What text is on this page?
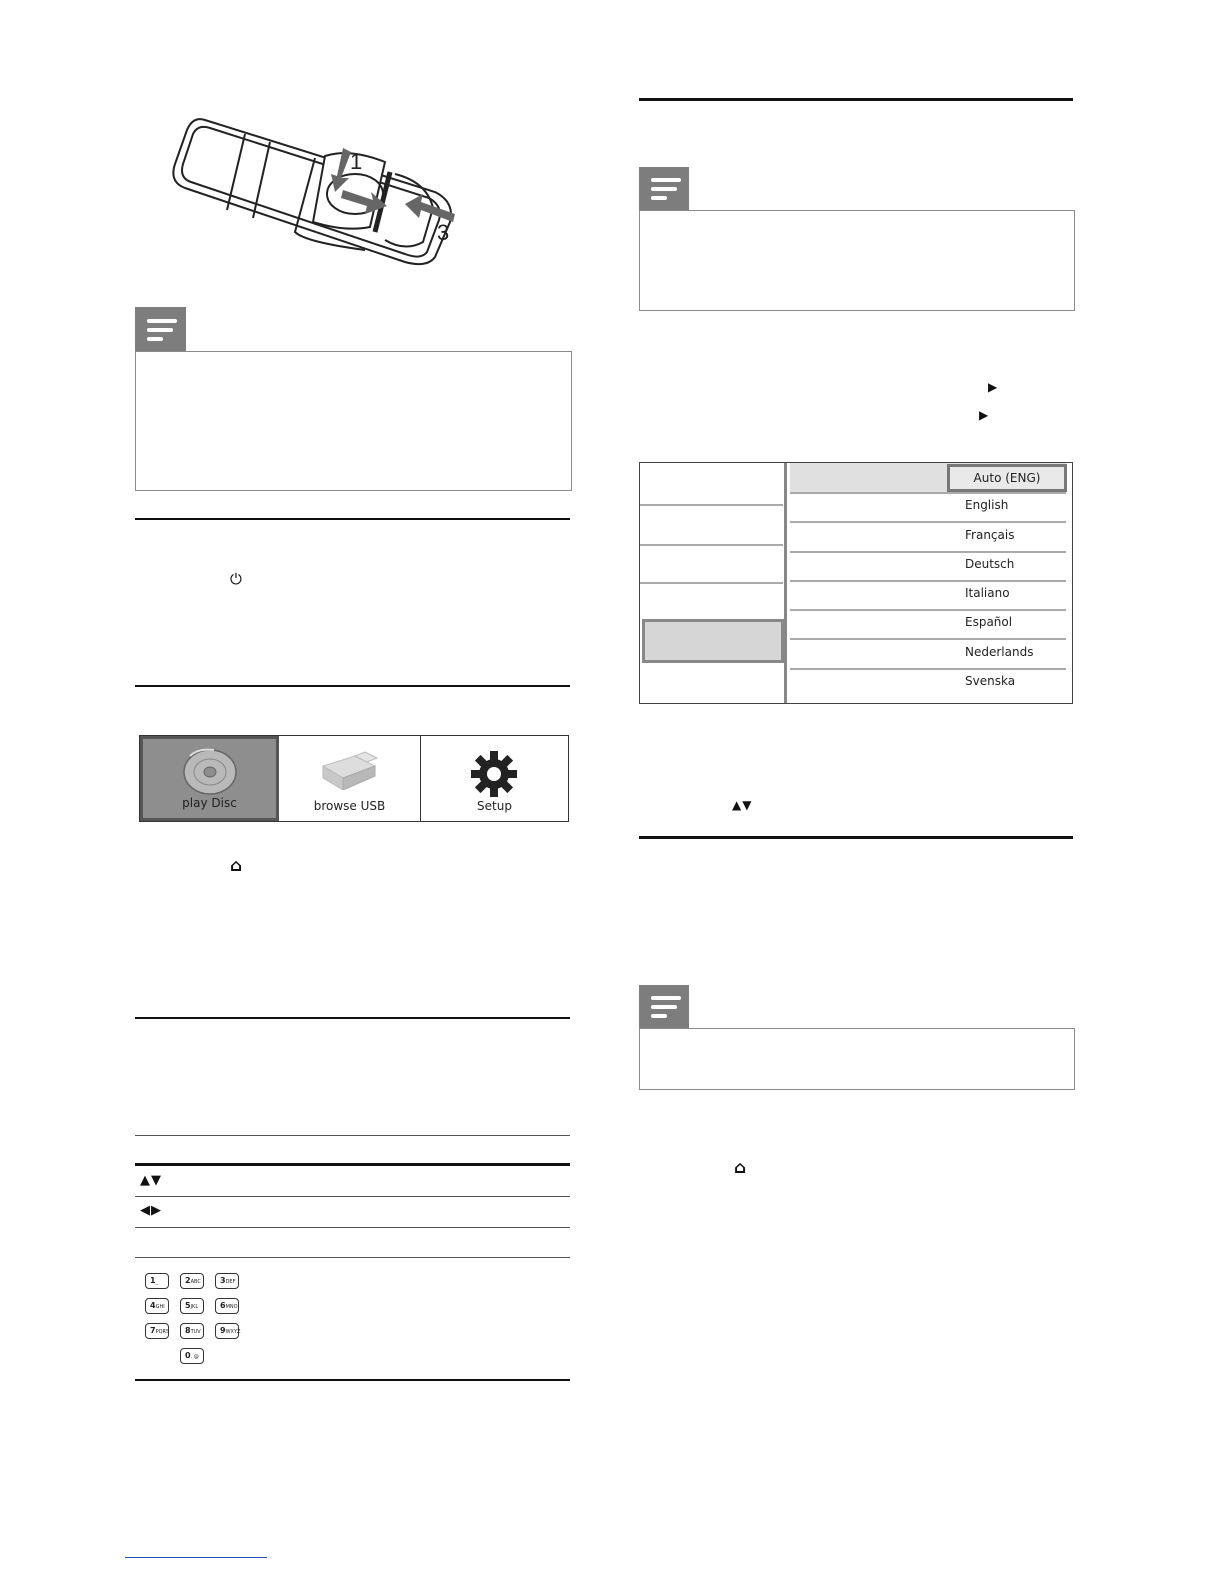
1
3
⏻
play Disc	browse USB	Setup
⌂
▲▼
◀▶
1_	2ABC	3DEF
4GHI	5JKL	6MNO
7PQRS	8TUV	9WXYZ
0. @
▶
▶
Auto (ENG)
English
Français
Deutsch
Italiano
Español
Nederlands
Svenska
▲▼
⌂
